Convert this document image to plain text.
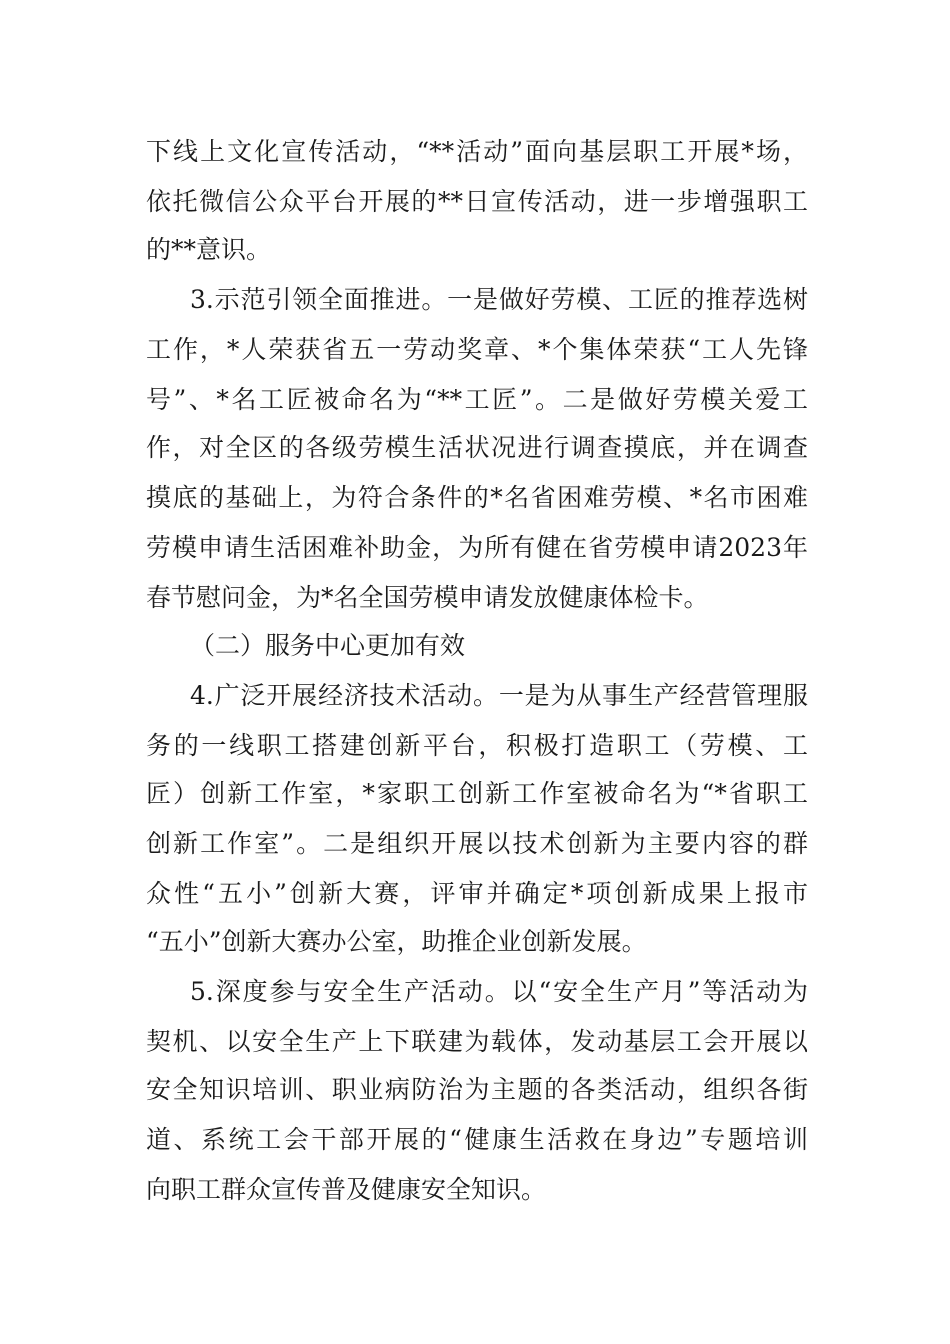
下线上文化宣传活动，“**活动”面向基层职工开展*场，
依托微信公众平台开展的**日宣传活动，进一步增强职工
的**意识。
3.示范引领全面推进。一是做好劳模、工匠的推荐选树
工作，*人荣获省五一劳动奖章、*个集体荣获“工人先锋
号”、*名工匠被命名为“**工匠”。二是做好劳模关爱工
作，对全区的各级劳模生活状况进行调查摸底，并在调查
摸底的基础上，为符合条件的*名省困难劳模、*名市困难
劳模申请生活困难补助金，为所有健在省劳模申请2023年
春节慰问金，为*名全国劳模申请发放健康体检卡。
（二）服务中心更加有效
4.广泛开展经济技术活动。一是为从事生产经营管理服
务的一线职工搭建创新平台，积极打造职工（劳模、工
匠）创新工作室，*家职工创新工作室被命名为“*省职工
创新工作室”。二是组织开展以技术创新为主要内容的群
众性“五小”创新大赛，评审并确定*项创新成果上报市
“五小”创新大赛办公室，助推企业创新发展。
5.深度参与安全生产活动。以“安全生产月”等活动为
契机、以安全生产上下联建为载体，发动基层工会开展以
安全知识培训、职业病防治为主题的各类活动，组织各街
道、系统工会干部开展的“健康生活救在身边”专题培训
向职工群众宣传普及健康安全知识。
